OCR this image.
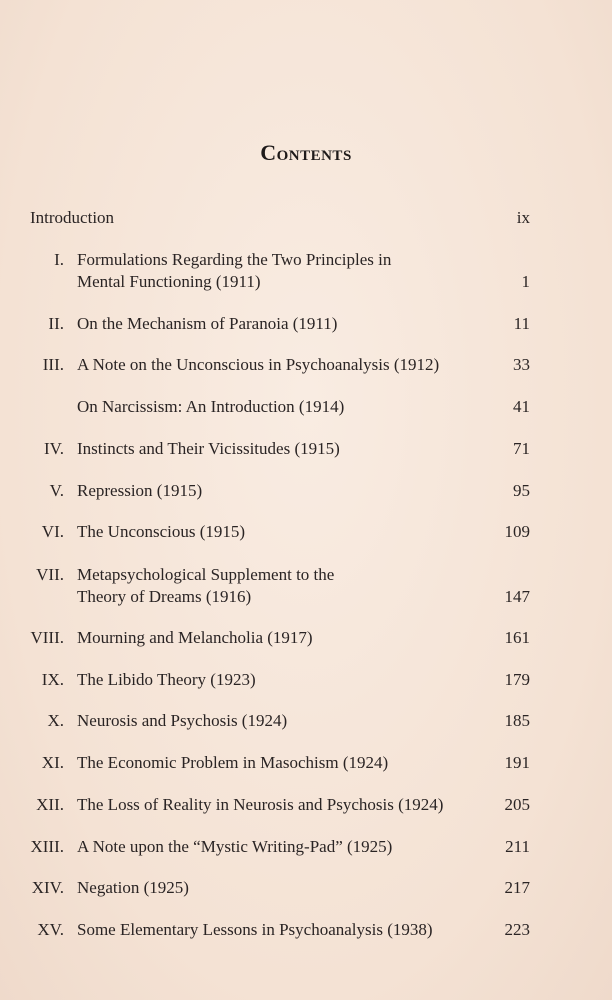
Contents
Introduction	ix
I. Formulations Regarding the Two Principles in
Mental Functioning (1911)	1
II. On the Mechanism of Paranoia (1911)	11
III. A Note on the Unconscious in Psychoanalysis (1912)	33
On Narcissism: An Introduction (1914)	41
IV. Instincts and Their Vicissitudes (1915)	71
V. Repression (1915)	95
VI. The Unconscious (1915)	109
VII. Metapsychological Supplement to the
Theory of Dreams (1916)	147
VIII. Mourning and Melancholia (1917)	161
IX. The Libido Theory (1923)	179
X. Neurosis and Psychosis (1924)	185
XI. The Economic Problem in Masochism (1924)	191
XII. The Loss of Reality in Neurosis and Psychosis (1924)	205
XIII. A Note upon the “Mystic Writing-Pad” (1925)	211
XIV. Negation (1925)	217
XV. Some Elementary Lessons in Psychoanalysis (1938)	223
